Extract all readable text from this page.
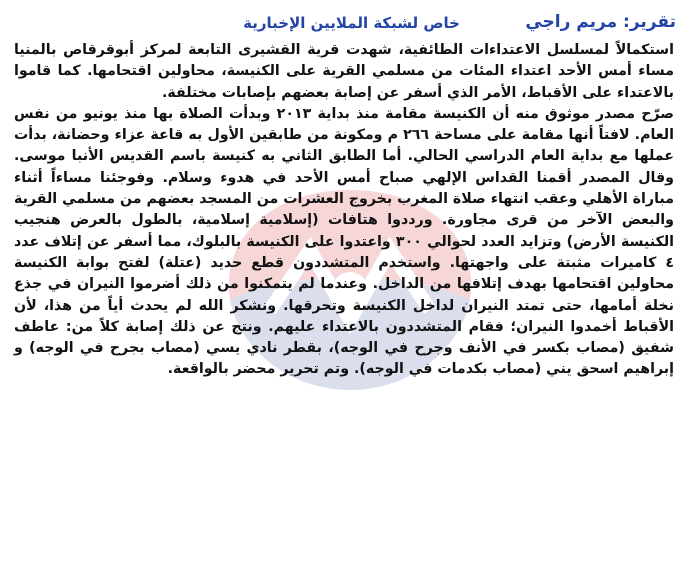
تقرير: مريم راجي
خاص لشبكة الملايين الإخبارية

استكمالاً لمسلسل الاعتداءات الطائفية، شهدت قرية القشيرى التابعة لمركز أبوقرقاص بالمنيا مساء أمس الأحد اعتداء المئات من مسلمي القرية على الكنيسة، محاولين اقتحامها. كما قاموا بالاعتداء على الأقباط، الأمر الذي أسفر عن إصابة بعضهم بإصابات مختلفة.

صرّح مصدر موثوق منه أن الكنيسة مقامة منذ بداية ٢٠١٣ وبدأت الصلاة بها منذ يونيو من نفس العام. لافتاً أنها مقامة على مساحة ٢٦٦ م ومكونة من طابقين الأول به قاعة عزاء وحضانة، بدأت عملها مع بداية العام الدراسي الحالي. أما الطابق الثاني به كنيسة باسم القديس الأنبا موسى. وقال المصدر أقمنا القداس الإلهي صباح أمس الأحد في هدوء وسلام. وفوجئنا مساءاً أثناء مباراة الأهلي وعقب انتهاء صلاة المغرب بخروج العشرات من المسجد بعضهم من مسلمي القرية والبعض الآخر من قرى مجاورة. ورددوا هتافات (إسلامية إسلامية، بالطول بالعرض هنجيب الكنيسة الأرض) وتزايد العدد لحوالي ٣٠٠ واعتدوا على الكنيسة بالبلوك، مما أسفر عن إتلاف عدد ٤ كاميرات مثبتة على واجهتها. واستخدم المتشددون قطع حديد (عتلة) لفتح بوابة الكنيسة محاولين اقتحامها بهدف إتلافها من الداخل. وعندما لم يتمكنوا من ذلك أضرموا النيران في جذع نخلة أمامها، حتى تمتد النيران لداخل الكنيسة وتحرقها. ونشكر الله لم يحدث أياً من هذا، لأن الأقباط أخمدوا النيران؛ فقام المتشددون بالاعتداء عليهم. ونتج عن ذلك إصابة كلاً من: عاطف شفيق (مصاب بكسر في الأنف وجرح في الوجه)، بقطر نادي يسي (مصاب بجرح في الوجه) و إبراهيم اسحق يني (مصاب بكدمات في الوجه). وتم تحرير محضر بالواقعة.
